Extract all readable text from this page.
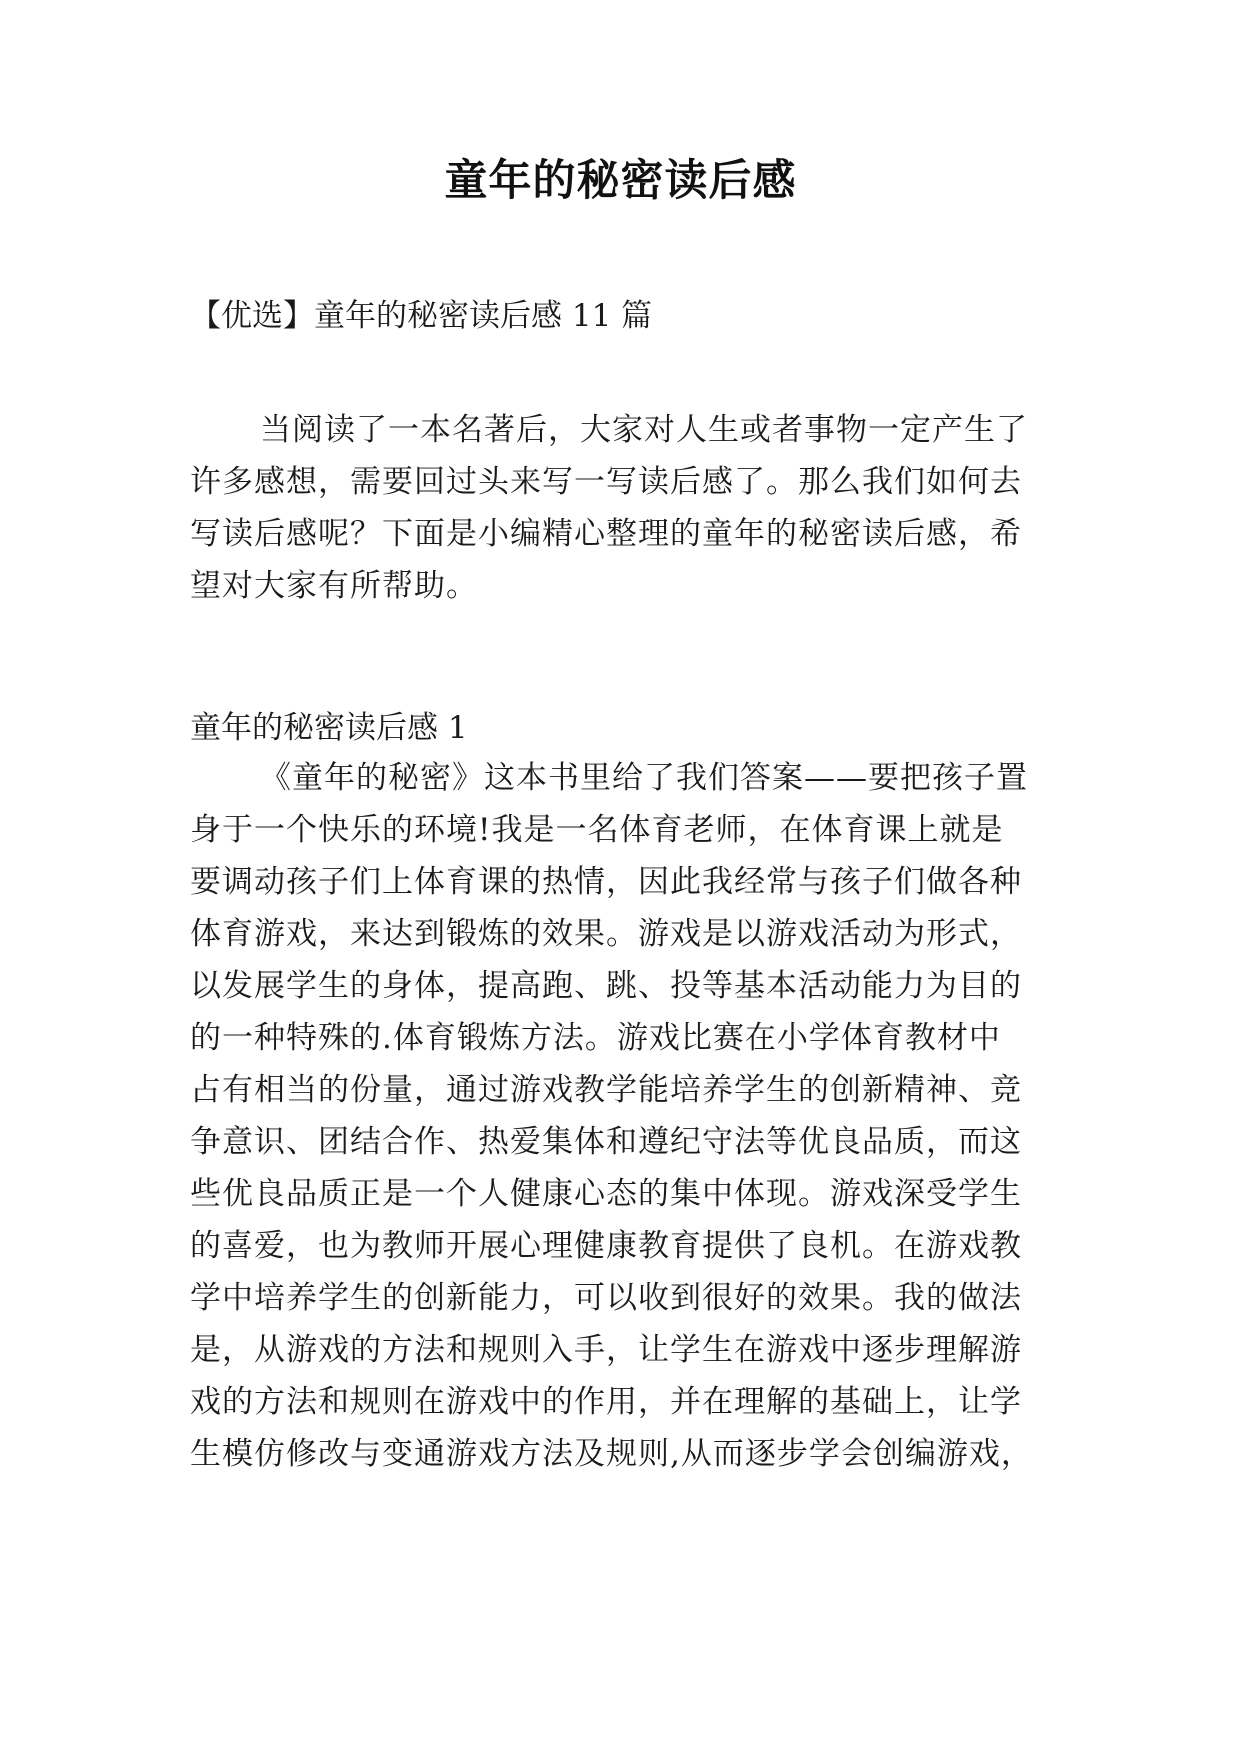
童年的秘密读后感

【优选】童年的秘密读后感 11 篇

当阅读了一本名著后，大家对人生或者事物一定产生了
许多感想，需要回过头来写一写读后感了。那么我们如何去
写读后感呢？下面是小编精心整理的童年的秘密读后感，希
望对大家有所帮助。

童年的秘密读后感 1

《童年的秘密》这本书里给了我们答案——要把孩子置
身于一个快乐的环境!我是一名体育老师，在体育课上就是
要调动孩子们上体育课的热情，因此我经常与孩子们做各种
体育游戏，来达到锻炼的效果。游戏是以游戏活动为形式，
以发展学生的身体，提高跑、跳、投等基本活动能力为目的
的一种特殊的.体育锻炼方法。游戏比赛在小学体育教材中
占有相当的份量，通过游戏教学能培养学生的创新精神、竞
争意识、团结合作、热爱集体和遵纪守法等优良品质，而这
些优良品质正是一个人健康心态的集中体现。游戏深受学生
的喜爱，也为教师开展心理健康教育提供了良机。在游戏教
学中培养学生的创新能力，可以收到很好的效果。我的做法
是，从游戏的方法和规则入手，让学生在游戏中逐步理解游
戏的方法和规则在游戏中的作用，并在理解的基础上，让学
生模仿修改与变通游戏方法及规则,从而逐步学会创编游戏，
